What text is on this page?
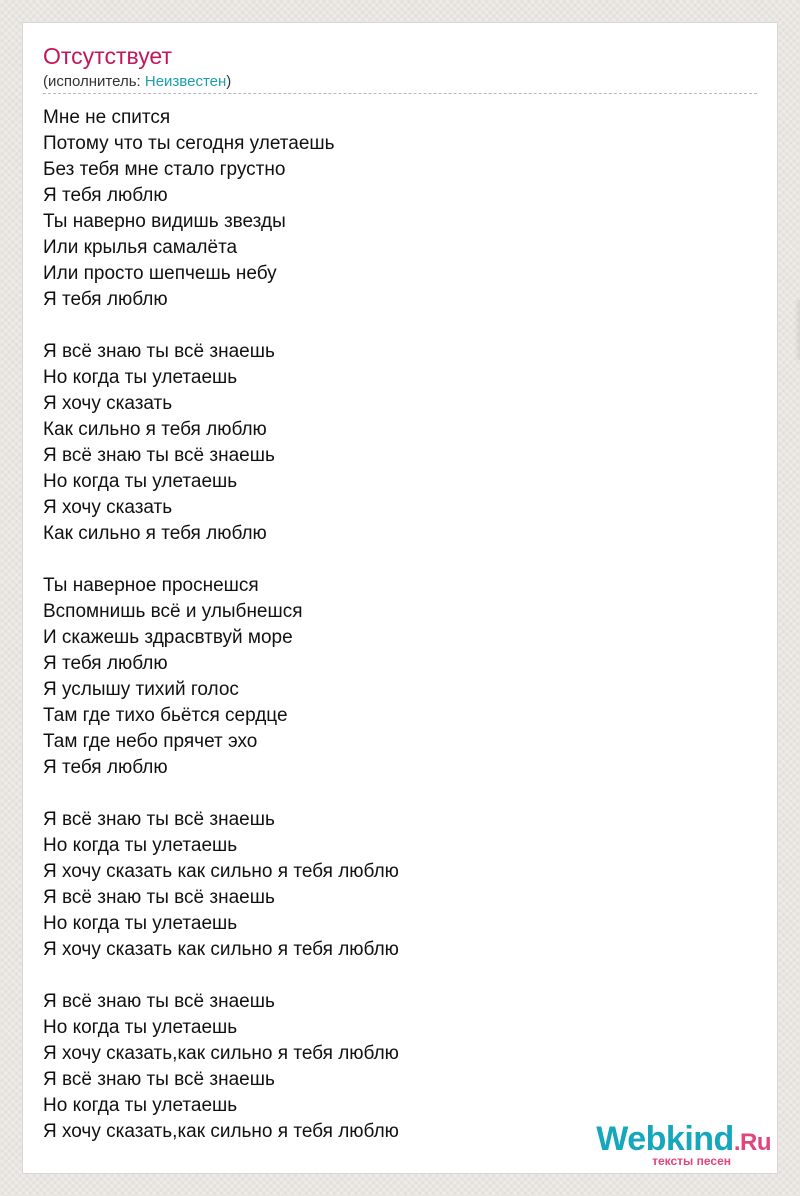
Отсутствует
(исполнитель: Неизвестен)
Мне не спится
Потому что ты сегодня улетаешь
Без тебя мне стало грустно
Я тебя люблю
Ты наверно видишь звезды
Или крылья самалёта
Или просто шепчешь небу
Я тебя люблю
Я всё знаю ты всё знаешь
Но когда ты улетаешь
Я хочу сказать
Как сильно я тебя люблю
Я всё знаю ты всё знаешь
Но когда ты улетаешь
Я хочу сказать
Как сильно я тебя люблю
Ты наверное проснешся
Вспомнишь всё и улыбнешся
И скажешь здрасвтвуй море
Я тебя люблю
Я услышу тихий голос
Там где тихо бьётся сердце
Там где небо прячет эхо
Я тебя люблю
Я всё знаю ты всё знаешь
Но когда ты улетаешь
Я хочу сказать как сильно я тебя люблю
Я всё знаю ты всё знаешь
Но когда ты улетаешь
Я хочу сказать как сильно я тебя люблю
Я всё знаю ты всё знаешь
Но когда ты улетаешь
Я хочу сказать,как сильно я тебя люблю
Я всё знаю ты всё знаешь
Но когда ты улетаешь
Я хочу сказать,как сильно я тебя люблю	Webkind.Ru
тексты песен
